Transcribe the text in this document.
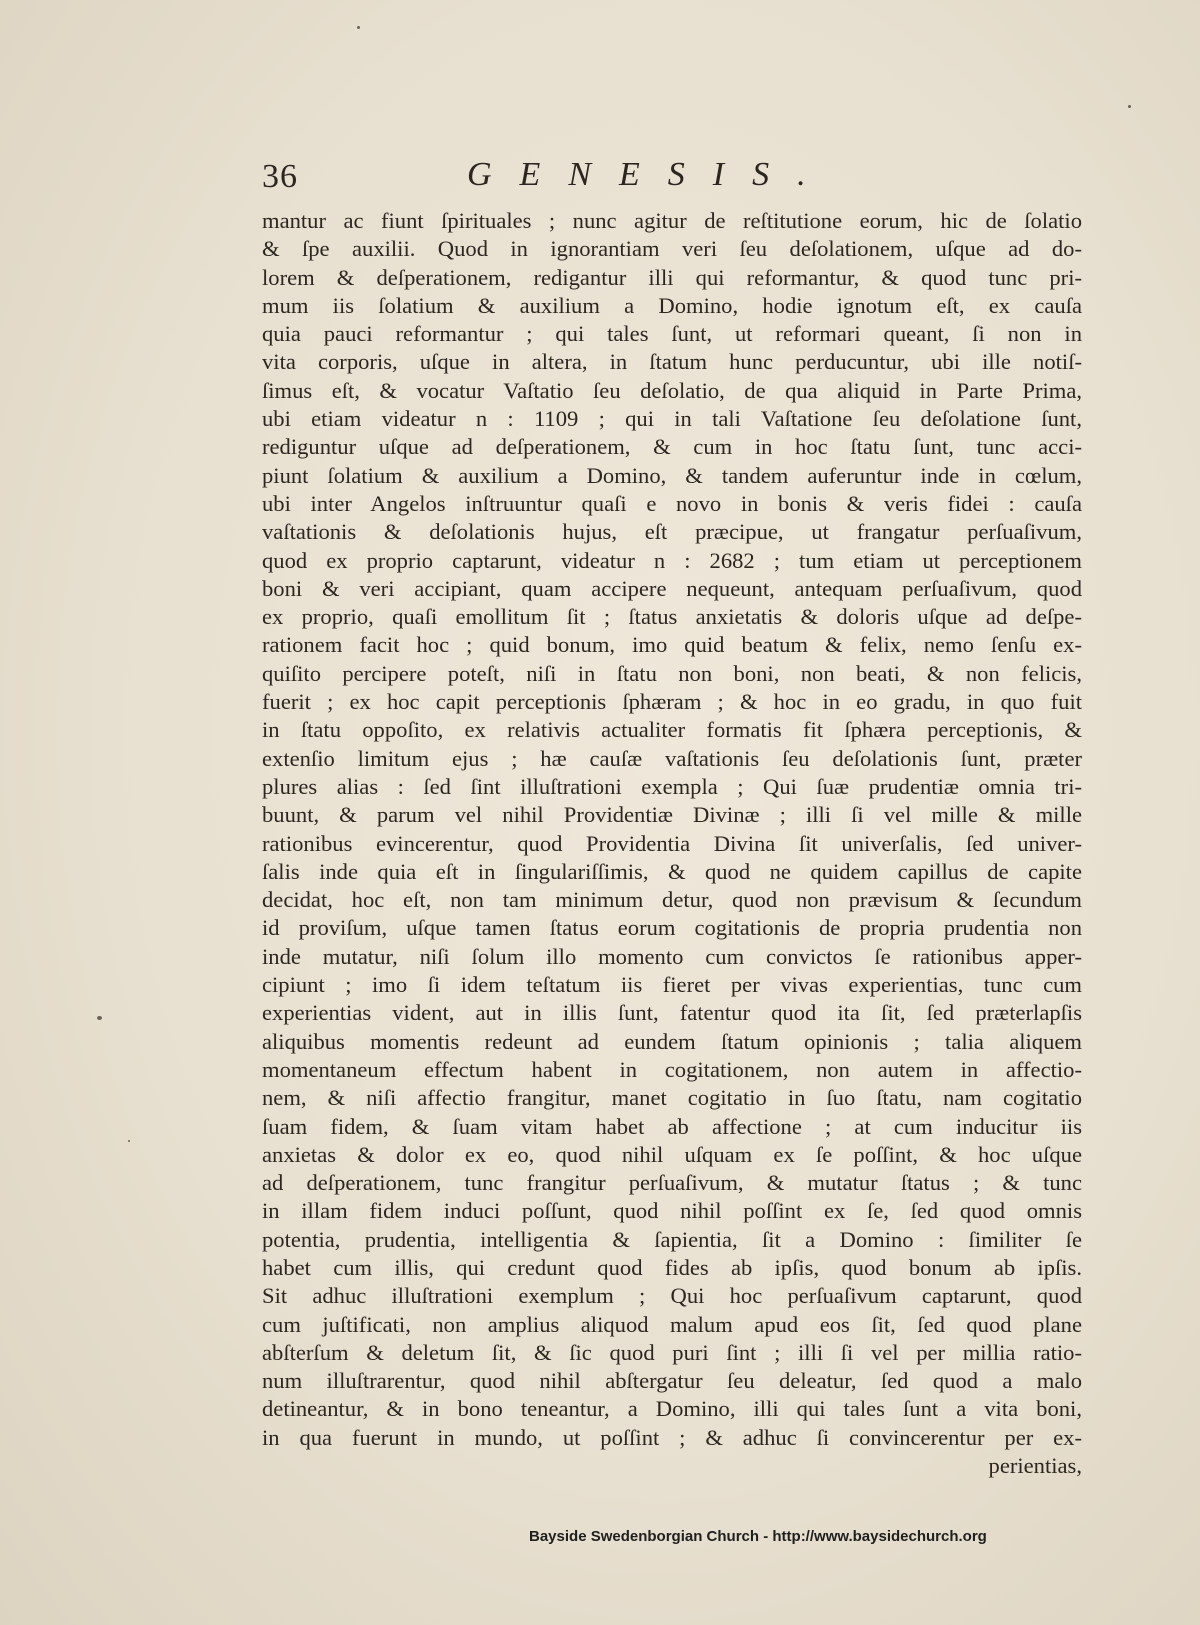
36	GENESIS.
mantur ac fiunt ſpirituales ; nunc agitur de reſtitutione eorum, hic de ſolatio
& ſpe auxilii. Quod in ignorantiam veri ſeu deſolationem, uſque ad do-
lorem & deſperationem, redigantur illi qui reformantur, & quod tunc pri-
mum iis ſolatium & auxilium a Domino, hodie ignotum eſt, ex cauſa
quia pauci reformantur ; qui tales ſunt, ut reformari queant, ſi non in
vita corporis, uſque in altera, in ſtatum hunc perducuntur, ubi ille notiſ-
ſimus eſt, & vocatur Vaſtatio ſeu deſolatio, de qua aliquid in Parte Prima,
ubi etiam videatur n : 1109 ; qui in tali Vaſtatione ſeu deſolatione ſunt,
rediguntur uſque ad deſperationem, & cum in hoc ſtatu ſunt, tunc acci-
piunt ſolatium & auxilium a Domino, & tandem auferuntur inde in cœlum,
ubi inter Angelos inſtruuntur quaſi e novo in bonis & veris fidei : cauſa
vaſtationis & deſolationis hujus, eſt præcipue, ut frangatur perſuaſivum,
quod ex proprio captarunt, videatur n : 2682 ; tum etiam ut perceptionem
boni & veri accipiant, quam accipere nequeunt, antequam perſuaſivum, quod
ex proprio, quaſi emollitum ſit ; ſtatus anxietatis & doloris uſque ad deſpe-
rationem facit hoc ; quid bonum, imo quid beatum & felix, nemo ſenſu ex-
quiſito percipere poteſt, niſi in ſtatu non boni, non beati, & non felicis,
fuerit ; ex hoc capit perceptionis ſphæram ; & hoc in eo gradu, in quo fuit
in ſtatu oppoſito, ex relativis actualiter formatis fit ſphæra perceptionis, &
extenſio limitum ejus ; hæ cauſæ vaſtationis ſeu deſolationis ſunt, præter
plures alias : ſed ſint illuſtrationi exempla ; Qui ſuæ prudentiæ omnia tri-
buunt, & parum vel nihil Providentiæ Divinæ ; illi ſi vel mille & mille
rationibus evincerentur, quod Providentia Divina ſit univerſalis, ſed univer-
ſalis inde quia eſt in ſingulariſſimis, & quod ne quidem capillus de capite
decidat, hoc eſt, non tam minimum detur, quod non prævisum & ſecundum
id proviſum, uſque tamen ſtatus eorum cogitationis de propria prudentia non
inde mutatur, niſi ſolum illo momento cum convictos ſe rationibus apper-
cipiunt ; imo ſi idem teſtatum iis fieret per vivas experientias, tunc cum
experientias vident, aut in illis ſunt, fatentur quod ita ſit, ſed præterlapſis
aliquibus momentis redeunt ad eundem ſtatum opinionis ; talia aliquem
momentaneum effectum habent in cogitationem, non autem in affectio-
nem, & niſi affectio frangitur, manet cogitatio in ſuo ſtatu, nam cogitatio
ſuam fidem, & ſuam vitam habet ab affectione ; at cum inducitur iis
anxietas & dolor ex eo, quod nihil uſquam ex ſe poſſint, & hoc uſque
ad deſperationem, tunc frangitur perſuaſivum, & mutatur ſtatus ; & tunc
in illam fidem induci poſſunt, quod nihil poſſint ex ſe, ſed quod omnis
potentia, prudentia, intelligentia & ſapientia, ſit a Domino : ſimiliter ſe
habet cum illis, qui credunt quod fides ab ipſis, quod bonum ab ipſis.
Sit adhuc illuſtrationi exemplum ; Qui hoc perſuaſivum captarunt, quod
cum juſtificati, non amplius aliquod malum apud eos ſit, ſed quod plane
abſterſum & deletum ſit, & ſic quod puri ſint ; illi ſi vel per millia ratio-
num illuſtrarentur, quod nihil abſtergatur ſeu deleatur, ſed quod a malo
detineantur, & in bono teneantur, a Domino, illi qui tales ſunt a vita boni,
in qua fuerunt in mundo, ut poſſint ; & adhuc ſi convincerentur per ex-
perientias,
Bayside Swedenborgian Church - http://www.baysidechurch.org
